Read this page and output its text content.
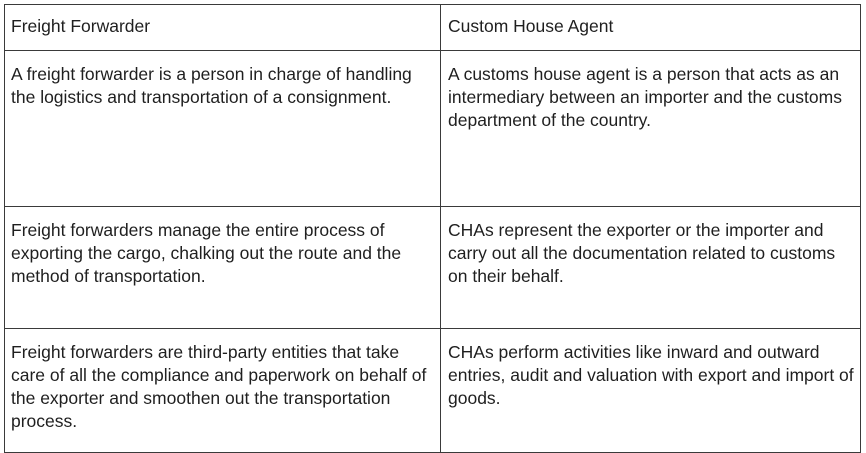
Freight Forwarder	Custom House Agent
A freight forwarder is a person in charge of handling the logistics and transportation of a consignment.	A customs house agent is a person that acts as an intermediary between an importer and the customs department of the country.
Freight forwarders manage the entire process of exporting the cargo, chalking out the route and the method of transportation.	CHAs represent the exporter or the importer and carry out all the documentation related to customs on their behalf.
Freight forwarders are third-party entities that take care of all the compliance and paperwork on behalf of the exporter and smoothen out the transportation process.	CHAs perform activities like inward and outward entries, audit and valuation with export and import of goods.
